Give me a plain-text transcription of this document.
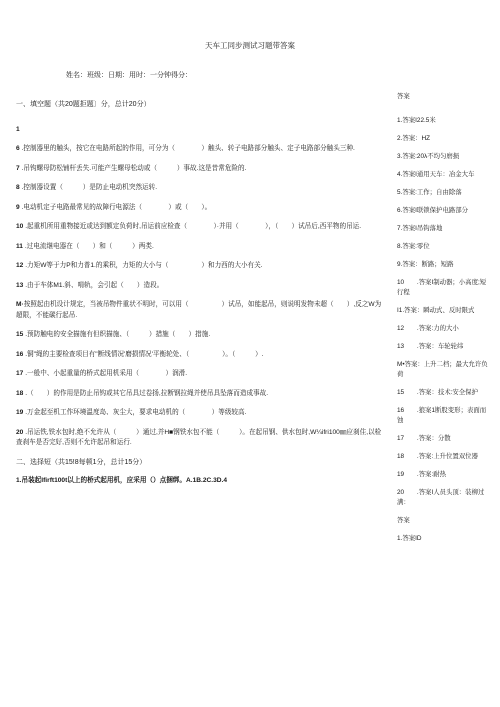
天车工同步测试习题带答案
姓名：班级：日期：用时：一分钟得分：
一、填空题（共20题拒题〕分，总计20分）
1
6 .控制器里的触头，按它在电路所起的作用，可分为（　　　　）触头、转子电路部分触头、定子电路部分触头三种.
7 .吊钩螺母防松铺杆丢失.可能产生螺母松动或（　　　）事故.这是昔常危险的.
8 .控制器设置（　　　）是防止电动机突然运转.
9 .电动机定子电路最常见的故障行电源法（　　　　）或（　　）。
10 .起重机所用重物接近或达到额定负荷时,吊运前应检查（　　　　）·并用（　　　　），（　　）试吊后,西平物的吊运.
11 .过电流继电器在（　　）和（　　　）两类.
12 .力矩W等于力P和力普1.的乘积，力矩的大小与（　　　　　）和力西的大小有关.
13 .由于车体M1.斜、啃轨，会引起（　　）造段。
M·按照起由机设计规定，当被吊物件重状不明时，可以用（　　　　　）试吊，如能起吊，则说明发物未超（　　）,反之W为超限，不能碳行起吊.
15 .预防触电的安全描施有但织描施、（　　　）措施（　　）措施.
16 .铜"绳的主要检查项目有"断线情况'磨损情况'平衡轮处、（　　　　　）。（　　　）.
17 .一般中、小起重量的桥式起用机采用（　　　　）润滑.
18 .（　　）的作用是防止吊钩或其它吊具过卷扬,拉断钢拉绳并使吊具坠落而造成事故.
19 .万金起至机工作环境温度岛、灰尘大，要求电动机的（　　　　）等级较高.
20 .吊运铁,铁水包时,绝不允许从（　　　）通过,并H■钢铁水包不能（　　　）。在起吊钢、供水包时,W¼ifri100㎜应刹住,以检查刹车是否完好,否则不允许起吊和运行.
二、选择短（共15!8每顿1分，总计15分）
1.吊装起Ifirft100t以上的桥式起用机，应采用（）点捆绑。A.1B.2C.3D.4
答案
1.答案I22.5米
2.答案：HZ
3.答案:20λ不均匀磨损
4.答案I通用天车：冶金大车
5.答案:工作；自由除落
6.答案I联锁保护电路部分
7.答案I吊钩落地
8.答案:零位
9.答案：断路；短路
10　　.答案I制动器；小高度;短行程
I1.答案：瞬动式、反时限式
12　　.答案:力的大小
13　　.答案：车轮轮纬
M•答案：上升二档；最大允许负荷
15　　.答案：技术:安全保护
16　　.狼案1断股变形；表面而蚀
17　　.答案：分散
18　　.答案:上升位置双位器
19　　.答案:耐热
20　　.答案I人员头顶：装柳过满：
答案
1.答案ID
